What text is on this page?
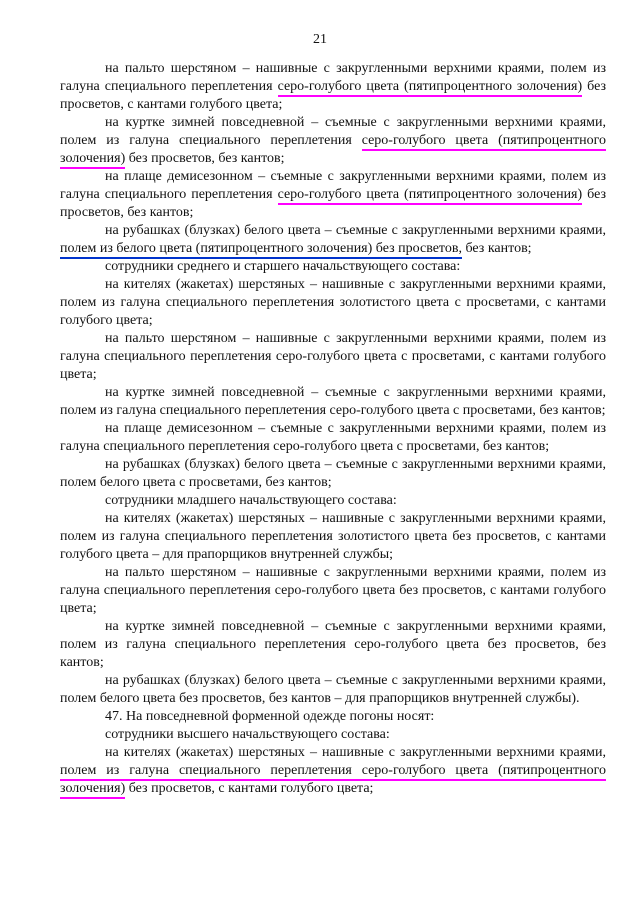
21

на пальто шерстяном – нашивные с закругленными верхними краями, полем из галуна специального переплетения серо-голубого цвета (пятипроцентного золочения) без просветов, с кантами голубого цвета;

на куртке зимней повседневной – съемные с закругленными верхними краями, полем из галуна специального переплетения серо-голубого цвета (пятипроцентного золочения) без просветов, без кантов;

на плаще демисезонном – съемные с закругленными верхними краями, полем из галуна специального переплетения серо-голубого цвета (пятипроцентного золочения) без просветов, без кантов;

на рубашках (блузках) белого цвета – съемные с закругленными верхними краями, полем из белого цвета (пятипроцентного золочения) без просветов, без кантов;

сотрудники среднего и старшего начальствующего состава:

на кителях (жакетах) шерстяных – нашивные с закругленными верхними краями, полем из галуна специального переплетения золотистого цвета с просветами, с кантами голубого цвета;

на пальто шерстяном – нашивные с закругленными верхними краями, полем из галуна специального переплетения серо-голубого цвета с просветами, с кантами голубого цвета;

на куртке зимней повседневной – съемные с закругленными верхними краями, полем из галуна специального переплетения серо-голубого цвета с просветами, без кантов;

на плаще демисезонном – съемные с закругленными верхними краями, полем из галуна специального переплетения серо-голубого цвета с просветами, без кантов;

на рубашках (блузках) белого цвета – съемные с закругленными верхними краями, полем белого цвета с просветами, без кантов;

сотрудники младшего начальствующего состава:

на кителях (жакетах) шерстяных – нашивные с закругленными верхними краями, полем из галуна специального переплетения золотистого цвета без просветов, с кантами голубого цвета – для прапорщиков внутренней службы;

на пальто шерстяном – нашивные с закругленными верхними краями, полем из галуна специального переплетения серо-голубого цвета без просветов, с кантами голубого цвета;

на куртке зимней повседневной – съемные с закругленными верхними краями, полем из галуна специального переплетения серо-голубого цвета без просветов, без кантов;

на рубашках (блузках) белого цвета – съемные с закругленными верхними краями, полем белого цвета без просветов, без кантов – для прапорщиков внутренней службы).

47. На повседневной форменной одежде погоны носят:

сотрудники высшего начальствующего состава:

на кителях (жакетах) шерстяных – нашивные с закругленными верхними краями, полем из галуна специального переплетения серо-голубого цвета (пятипроцентного золочения) без просветов, с кантами голубого цвета;
